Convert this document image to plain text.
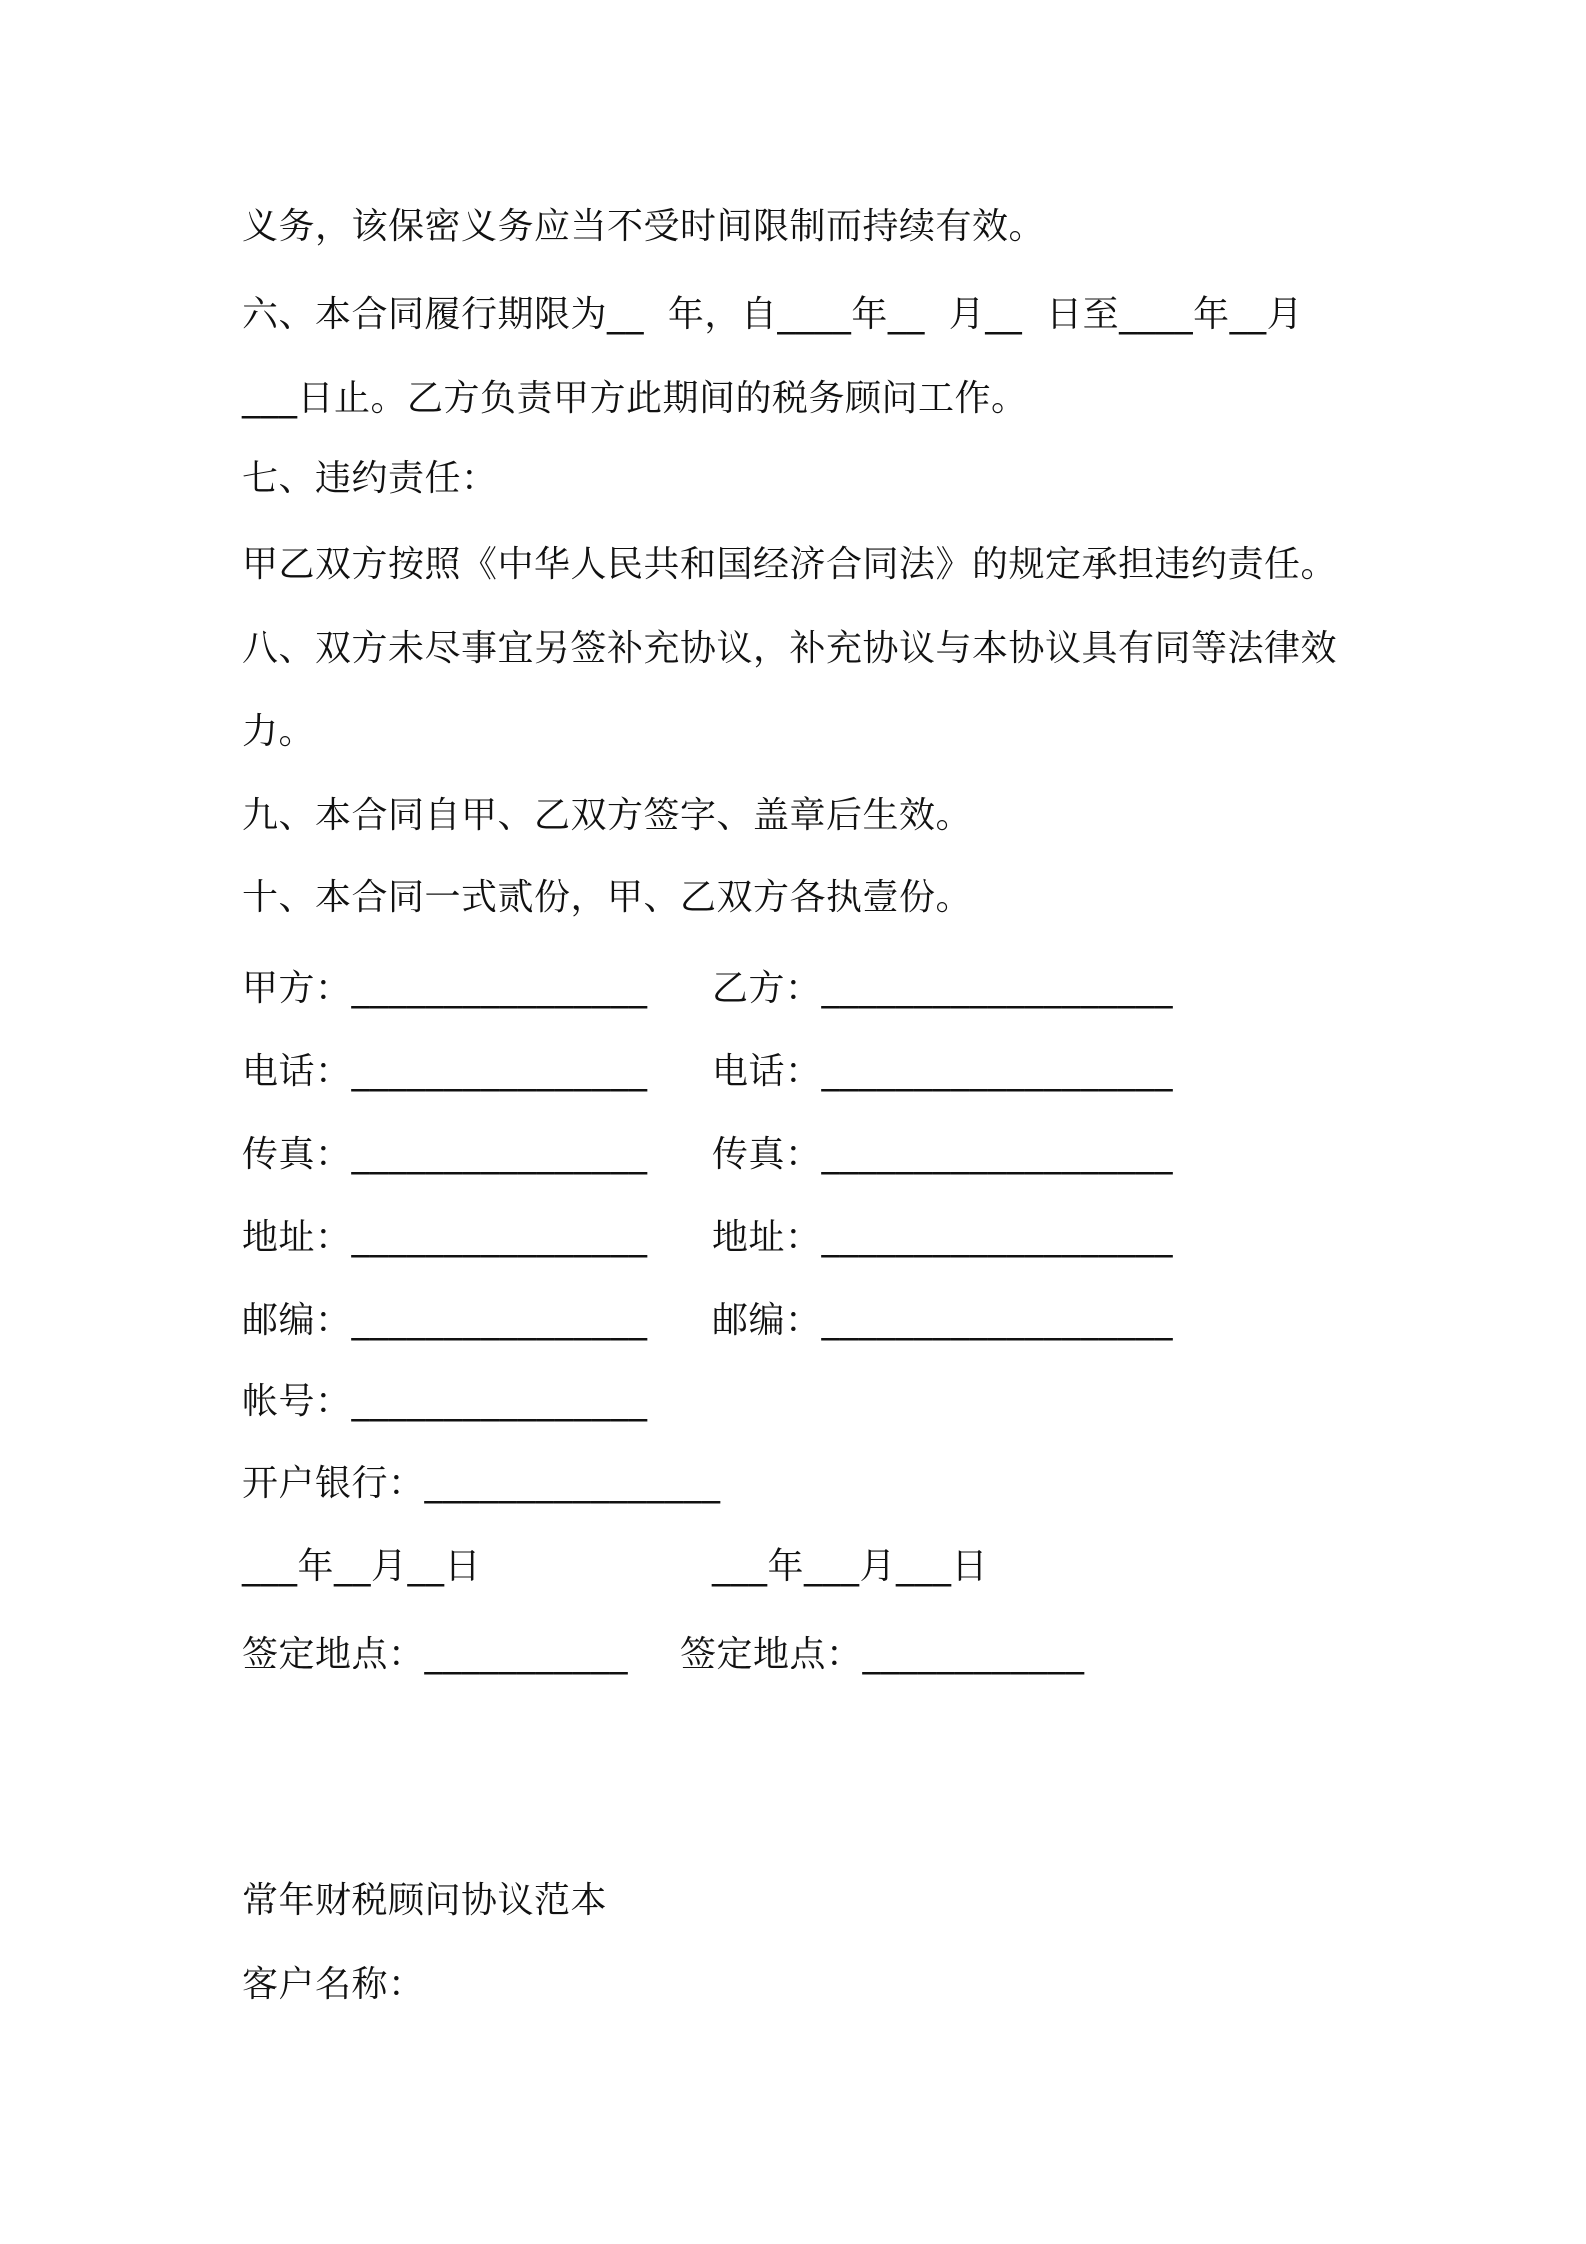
义务，该保密义务应当不受时间限制而持续有效。
六、本合同履行期限为__  年，自____年__  月__  日至____年__月
___日止。乙方负责甲方此期间的税务顾问工作。
七、违约责任：
甲乙双方按照《中华人民共和国经济合同法》的规定承担违约责任。
八、双方未尽事宜另签补充协议，补充协议与本协议具有同等法律效
力。
九、本合同自甲、乙双方签字、盖章后生效。
十、本合同一式贰份，甲、乙双方各执壹份。
甲方：________________ 乙方：___________________
电话：________________ 电话：___________________
传真：________________ 传真：___________________
地址：________________ 地址：___________________
邮编：________________ 邮编：___________________
帐号：________________
开户银行：________________
___年__月__日	___年___月___日
签定地点：___________ 签定地点：____________
常年财税顾问协议范本
客户名称：
